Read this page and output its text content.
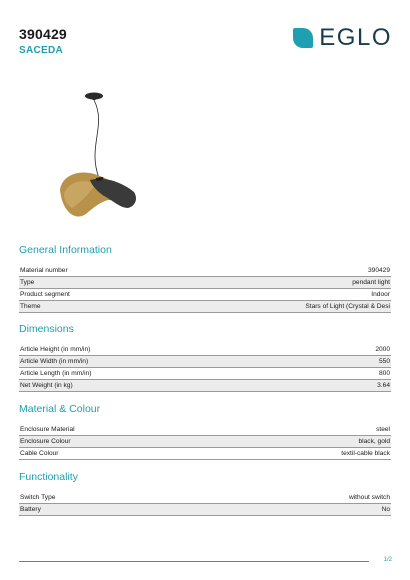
390429
SACEDA	EGLO
General Information
Material number	390429
Type	pendant light
Product segment	Indoor
Theme	Stars of Light (Crystal & Desi
Dimensions
Article Height (in mm/in)	2000
Article Width (in mm/in)	550
Article Length (in mm/in)	800
Net Weight (in kg)	3.64
Material & Colour
Enclosure Material	steel
Enclosure Colour	black, gold
Cable Colour	textil-cable black
Functionality
Switch Type	without switch
Battery	No
1/2
